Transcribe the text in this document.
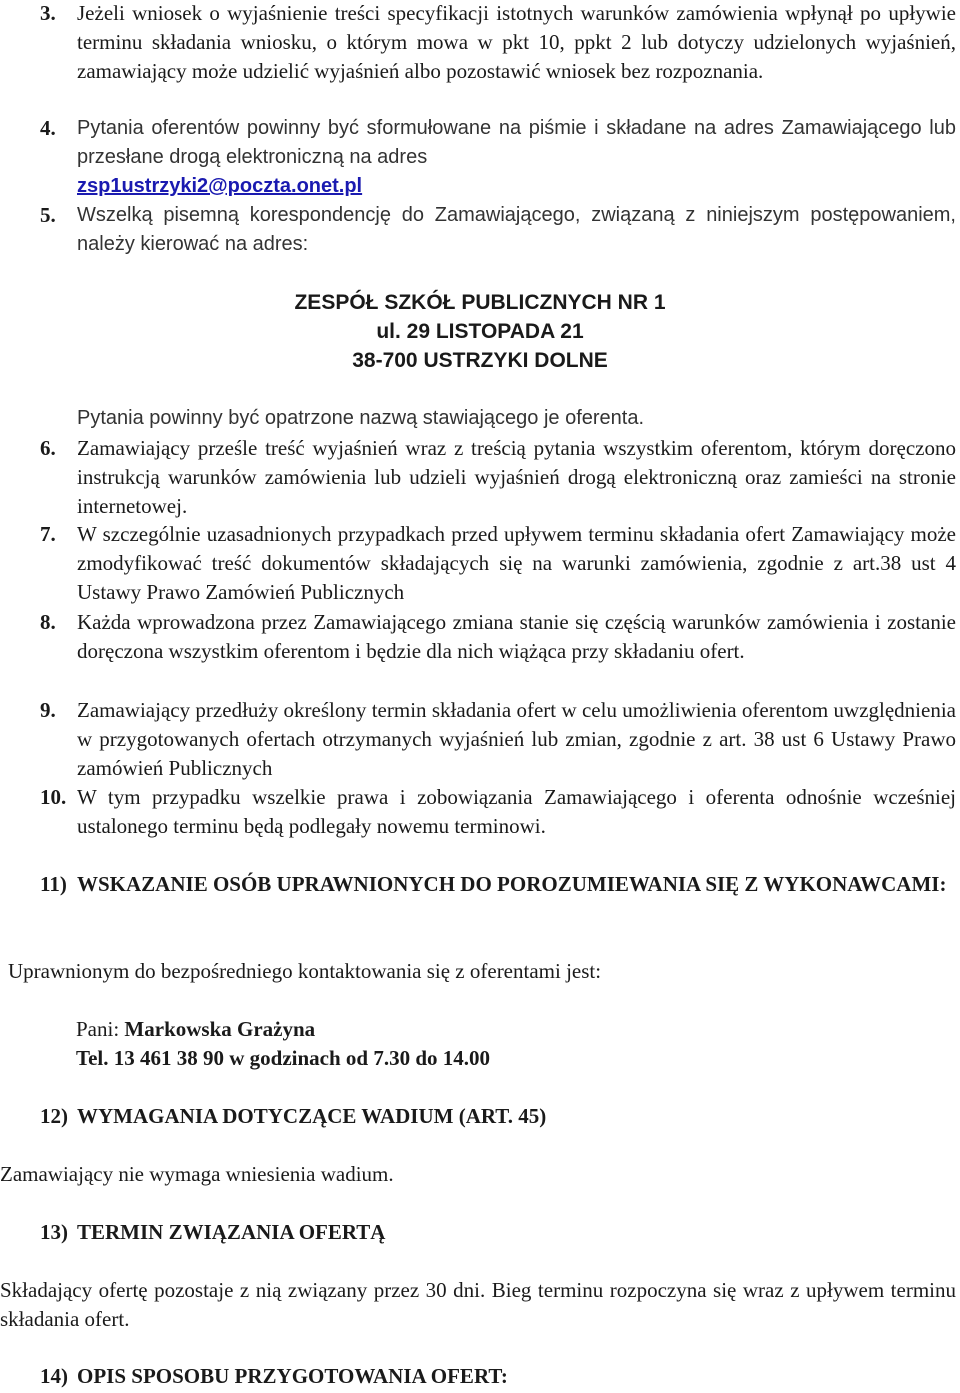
3.	Jeżeli wniosek o wyjaśnienie treści specyfikacji istotnych warunków zamówienia wpłynął po upływie terminu składania wniosku, o którym mowa w pkt 10, ppkt 2 lub dotyczy udzielonych wyjaśnień, zamawiający może udzielić wyjaśnień albo pozostawić wniosek bez rozpoznania.
4.	Pytania oferentów powinny być sformułowane na piśmie i składane na adres Zamawiającego lub przesłane drogą elektroniczną na adres
zsp1ustrzyki2@poczta.onet.pl
5.	Wszelką pisemną korespondencję do Zamawiającego, związaną z niniejszym postępowaniem, należy kierować na adres:
ZESPÓŁ SZKÓŁ PUBLICZNYCH NR 1
ul. 29 LISTOPADA 21
38-700 USTRZYKI DOLNE
Pytania powinny być opatrzone nazwą stawiającego je oferenta.
6.	Zamawiający prześle treść wyjaśnień wraz z treścią pytania wszystkim oferentom, którym doręczono instrukcją warunków zamówienia lub udzieli wyjaśnień drogą elektroniczną oraz zamieści na stronie internetowej.
7.	W szczególnie uzasadnionych przypadkach przed upływem terminu składania ofert Zamawiający może zmodyfikować treść dokumentów składających się na warunki zamówienia, zgodnie z art.38 ust 4 Ustawy Prawo Zamówień Publicznych
8.	Każda wprowadzona przez Zamawiającego zmiana stanie się częścią warunków zamówienia i zostanie doręczona wszystkim oferentom i będzie dla nich wiążąca przy składaniu ofert.
9.	Zamawiający przedłuży określony termin składania ofert w celu umożliwienia oferentom uwzględnienia w przygotowanych ofertach otrzymanych wyjaśnień lub zmian, zgodnie z art. 38 ust 6 Ustawy Prawo zamówień Publicznych
10. W tym przypadku wszelkie prawa i zobowiązania Zamawiającego i oferenta odnośnie wcześniej ustalonego terminu będą podlegały nowemu terminowi.
11) WSKAZANIE OSÓB UPRAWNIONYCH DO POROZUMIEWANIA SIĘ Z WYKONAWCAMI:
Uprawnionym do bezpośredniego kontaktowania się z oferentami jest:
Pani: Markowska Grażyna
Tel. 13 461 38 90 w godzinach od 7.30 do 14.00
12) WYMAGANIA DOTYCZĄCE WADIUM (ART. 45)
Zamawiający nie wymaga wniesienia wadium.
13) TERMIN ZWIĄZANIA OFERTĄ
Składający ofertę pozostaje z nią związany przez 30 dni. Bieg terminu rozpoczyna się wraz z upływem terminu składania ofert.
14) OPIS SPOSOBU PRZYGOTOWANIA OFERT:
